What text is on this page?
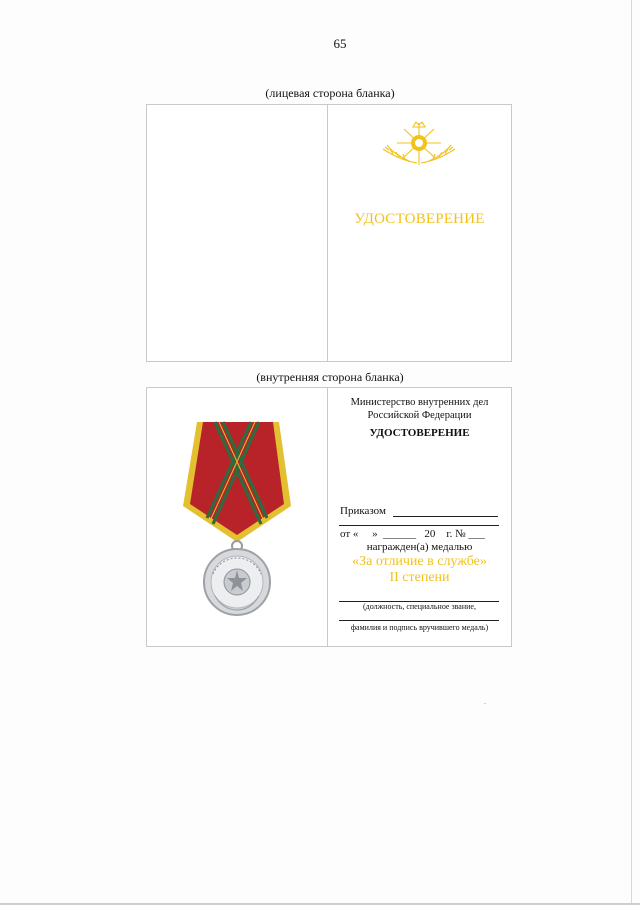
65
(лицевая сторона бланка)
УДОСТОВЕРЕНИЕ
(внутренняя сторона бланка)
Министерство внутренних дел
Российской Федерации
УДОСТОВЕРЕНИЕ
Приказом
от «     »  ______   20    г. № ___
награжден(а) медалью
«За отличие в службе»
II степени
(должность, специальное звание,
фамилия и подпись вручившего медаль)
